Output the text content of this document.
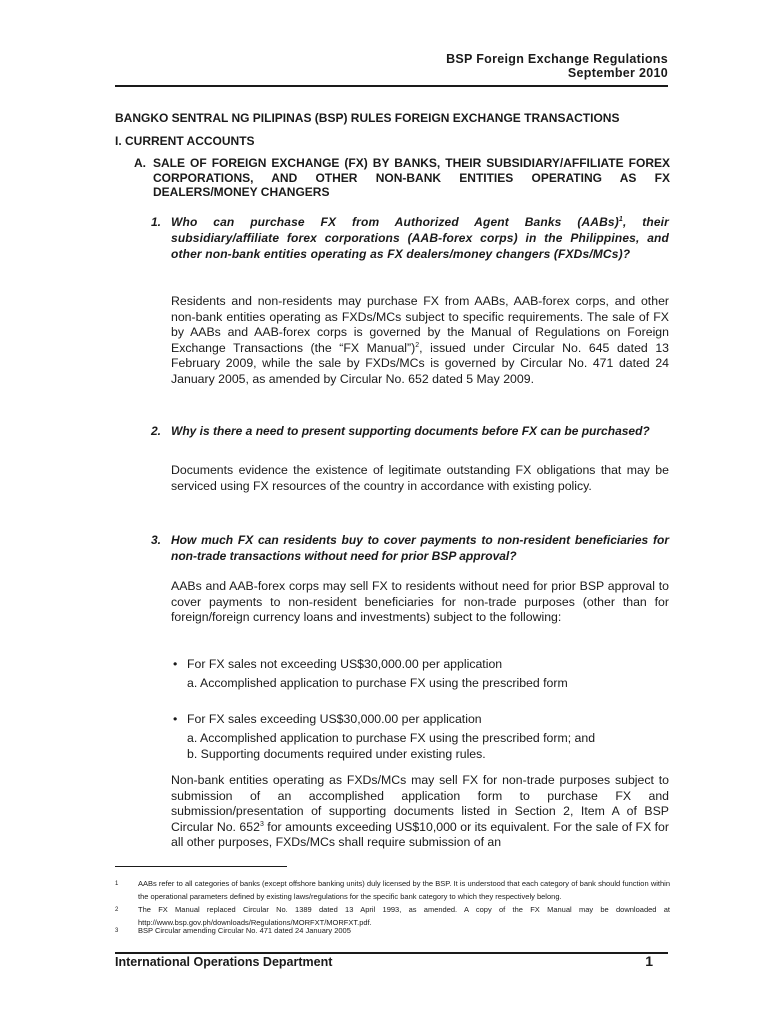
BSP Foreign Exchange Regulations
September 2010
BANGKO SENTRAL NG PILIPINAS (BSP) RULES FOREIGN EXCHANGE TRANSACTIONS
I. CURRENT ACCOUNTS
A. SALE OF FOREIGN EXCHANGE (FX) BY BANKS, THEIR SUBSIDIARY/AFFILIATE FOREX CORPORATIONS, AND OTHER NON-BANK ENTITIES OPERATING AS FX DEALERS/MONEY CHANGERS
1. Who can purchase FX from Authorized Agent Banks (AABs)$^1$, their subsidiary/affiliate forex corporations (AAB-forex corps) in the Philippines, and other non-bank entities operating as FX dealers/money changers (FXDs/MCs)?
Residents and non-residents may purchase FX from AABs, AAB-forex corps, and other non-bank entities operating as FXDs/MCs subject to specific requirements. The sale of FX by AABs and AAB-forex corps is governed by the Manual of Regulations on Foreign Exchange Transactions (the “FX Manual”)$^2$, issued under Circular No. 645 dated 13 February 2009, while the sale by FXDs/MCs is governed by Circular No. 471 dated 24 January 2005, as amended by Circular No. 652 dated 5 May 2009.
2. Why is there a need to present supporting documents before FX can be purchased?
Documents evidence the existence of legitimate outstanding FX obligations that may be serviced using FX resources of the country in accordance with existing policy.
3. How much FX can residents buy to cover payments to non-resident beneficiaries for non-trade transactions without need for prior BSP approval?
AABs and AAB-forex corps may sell FX to residents without need for prior BSP approval to cover payments to non-resident beneficiaries for non-trade purposes (other than for foreign/foreign currency loans and investments) subject to the following:
• For FX sales not exceeding US$30,000.00 per application
a. Accomplished application to purchase FX using the prescribed form
• For FX sales exceeding US$30,000.00 per application
a. Accomplished application to purchase FX using the prescribed form; and
b. Supporting documents required under existing rules.
Non-bank entities operating as FXDs/MCs may sell FX for non-trade purposes subject to submission of an accomplished application form to purchase FX and submission/presentation of supporting documents listed in Section 2, Item A of BSP Circular No. $652^3$ for amounts exceeding US$10,000 or its equivalent. For the sale of FX for all other purposes, FXDs/MCs shall require submission of an
1	AABs refer to all categories of banks (except offshore banking units) duly licensed by the BSP. It is understood that each category of bank should function within the operational parameters defined by existing laws/regulations for the specific bank category to which they respectively belong.
2	The FX Manual replaced Circular No. 1389 dated 13 April 1993, as amended. A copy of the FX Manual may be downloaded at http://www.bsp.gov.ph/downloads/Regulations/MORFXT/MORFXT.pdf.
3	BSP Circular amending Circular No. 471 dated 24 January 2005
International Operations Department	1
